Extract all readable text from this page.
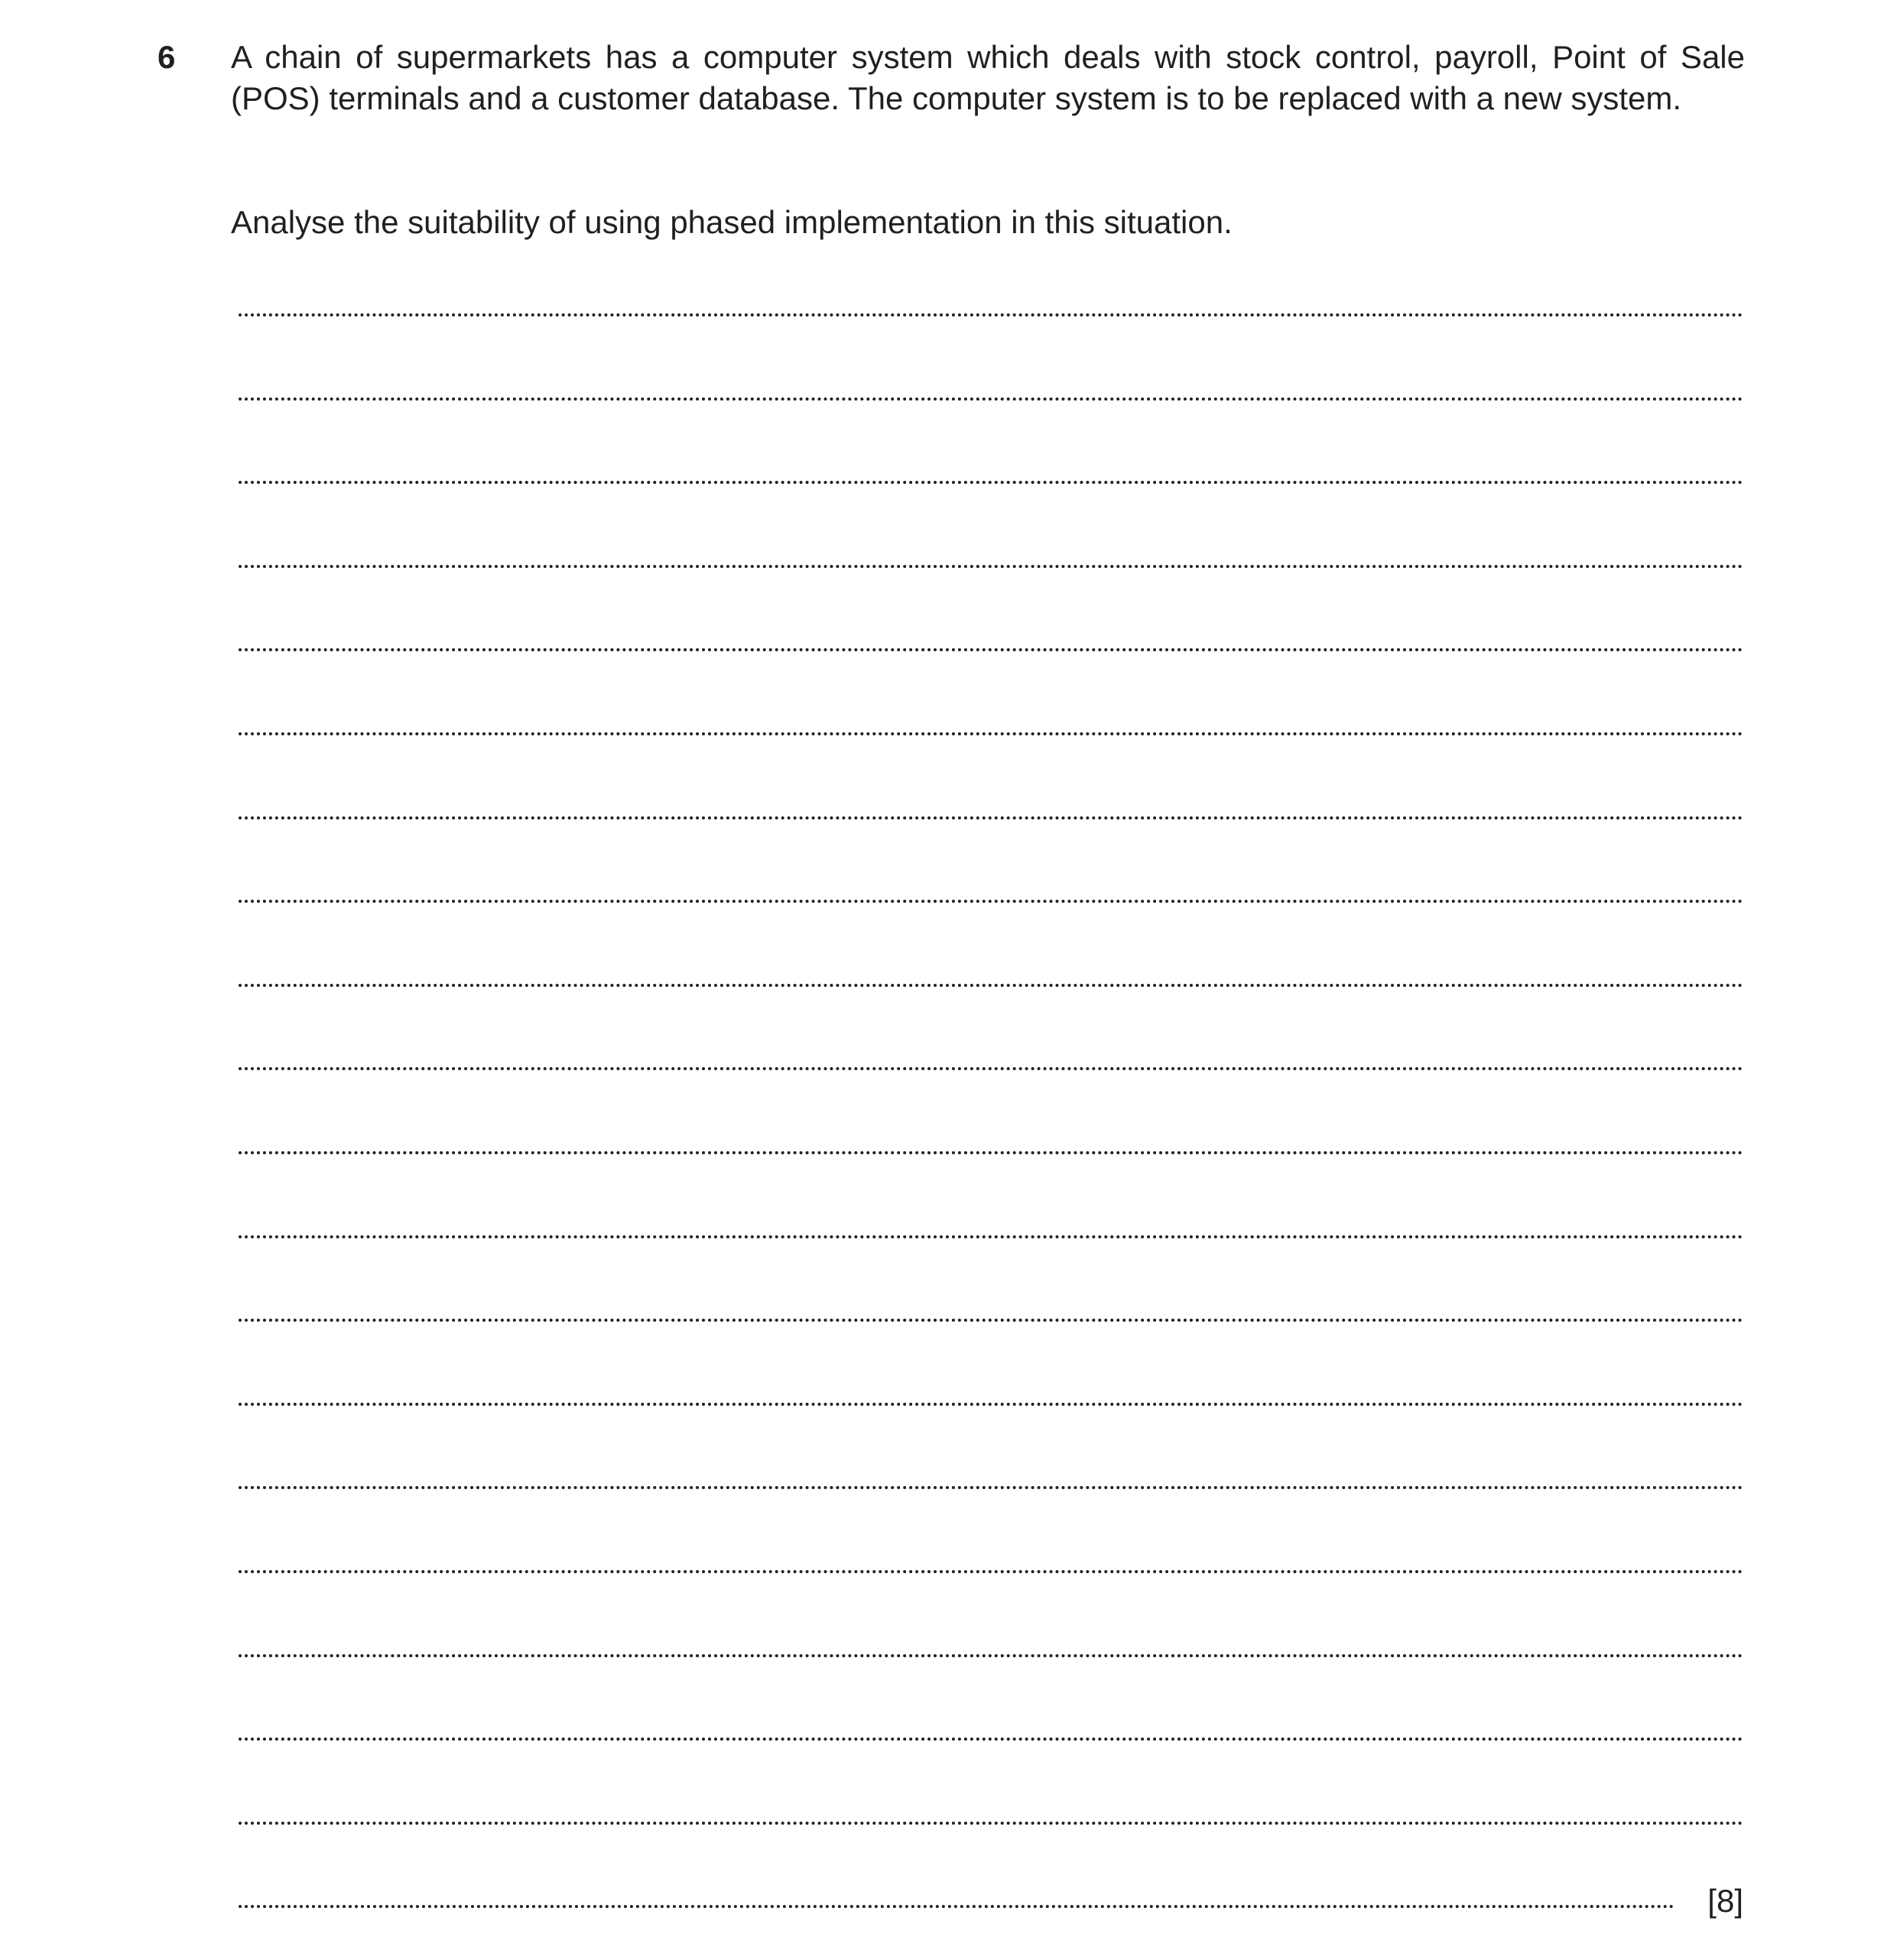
6 A chain of supermarkets has a computer system which deals with stock control, payroll, Point of Sale (POS) terminals and a customer database. The computer system is to be replaced with a new system.

Analyse the suitability of using phased implementation in this situation.

[8]
